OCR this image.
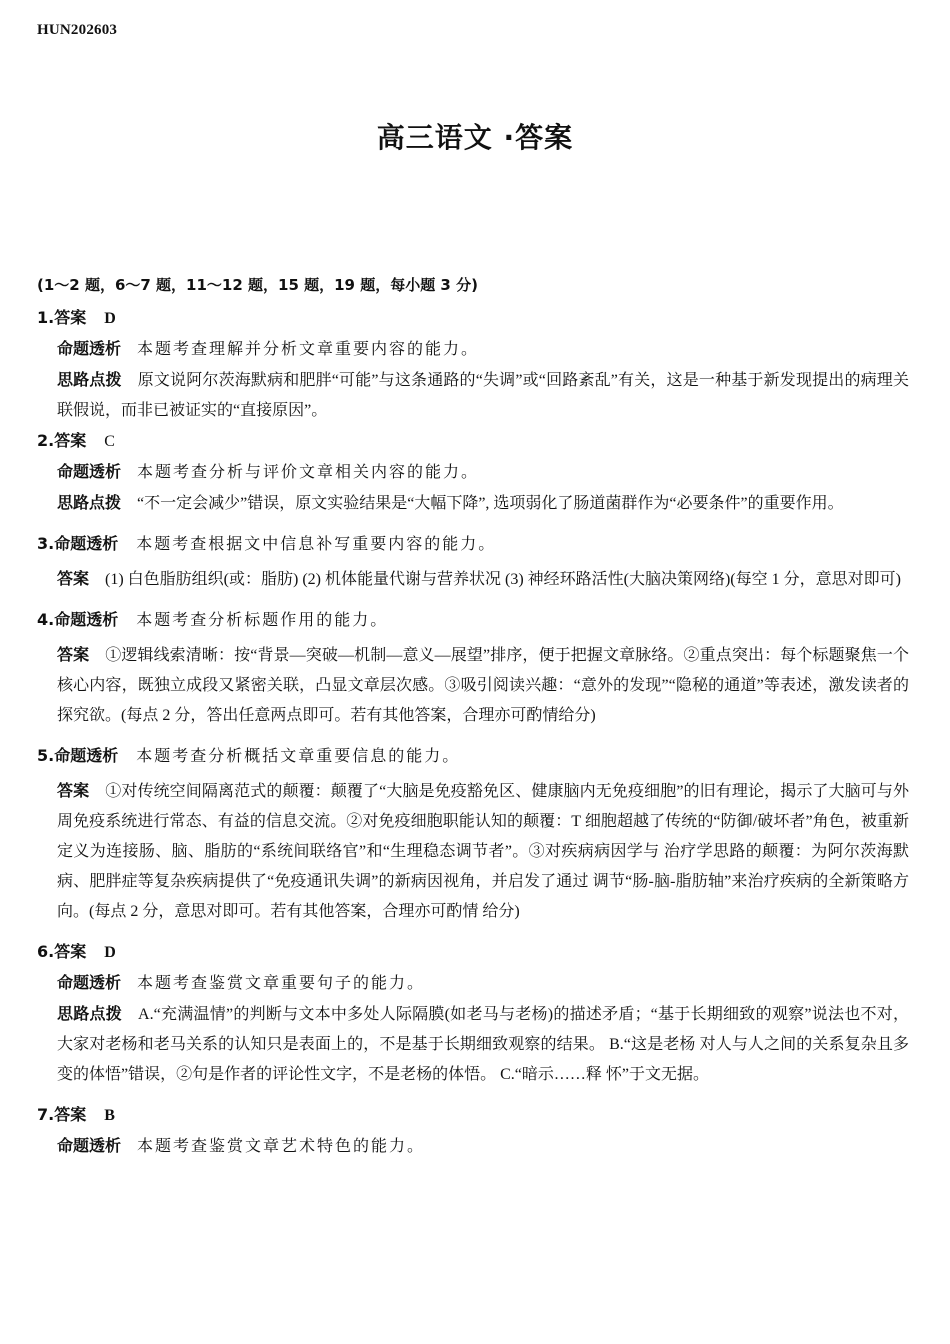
HUN202603
高三语文 ·答案

(1～2 题，6～7 题，11～12 题，15 题，19 题，每小题 3 分)

1.答案 D

命题透析 本题考查理解并分析文章重要内容的能力。

思路点拨 原文说阿尔茨海默病和肥胖“可能”与这条通路的“失调”或“回路紊乱”有关，这是一种基于新发现提出的病理关联假说，而非已被证实的“直接原因”。

2.答案 C

命题透析 本题考查分析与评价文章相关内容的能力。

思路点拨 “不一定会减少”错误，原文实验结果是“大幅下降”, 选项弱化了肠道菌群作为“必要条件”的重要作用。

3.命题透析 本题考查根据文中信息补写重要内容的能力。

答案 (1) 白色脂肪组织(或：脂肪) (2) 机体能量代谢与营养状况 (3) 神经环路活性(大脑决策网络)(每空 1 分，意思对即可)

4.命题透析 本题考查分析标题作用的能力。

答案 ①逻辑线索清晰：按“背景—突破—机制—意义—展望”排序，便于把握文章脉络。②重点突出：每个标题聚焦一个核心内容，既独立成段又紧密关联，凸显文章层次感。③吸引阅读兴趣：“意外的发现”“隐秘的通道”等表述，激发读者的探究欲。(每点 2 分，答出任意两点即可。若有其他答案，合理亦可酌情给分)

5.命题透析 本题考查分析概括文章重要信息的能力。

答案 ①对传统空间隔离范式的颠覆：颠覆了“大脑是免疫豁免区、健康脑内无免疫细胞”的旧有理论，揭示了大脑可与外周免疫系统进行常态、有益的信息交流。②对免疫细胞职能认知的颠覆：T 细胞超越了传统的“防御/破坏者”角色，被重新定义为连接肠、脑、脂肪的“系统间联络官”和“生理稳态调节者”。③对疾病病因学与 治疗学思路的颠覆：为阿尔茨海默病、肥胖症等复杂疾病提供了“免疫通讯失调”的新病因视角，并启发了通过 调节“肠-脑-脂肪轴”来治疗疾病的全新策略方向。(每点 2 分，意思对即可。若有其他答案，合理亦可酌情 给分)

6.答案 D

命题透析 本题考查鉴赏文章重要句子的能力。

思路点拨 A.“充满温情”的判断与文本中多处人际隔膜(如老马与老杨)的描述矛盾；“基于长期细致的观察”说法也不对，大家对老杨和老马关系的认知只是表面上的，不是基于长期细致观察的结果。 B.“这是老杨 对人与人之间的关系复杂且多变的体悟”错误，②句是作者的评论性文字，不是老杨的体悟。 C.“暗示……释 怀”于文无据。

7.答案 B

命题透析 本题考查鉴赏文章艺术特色的能力。
